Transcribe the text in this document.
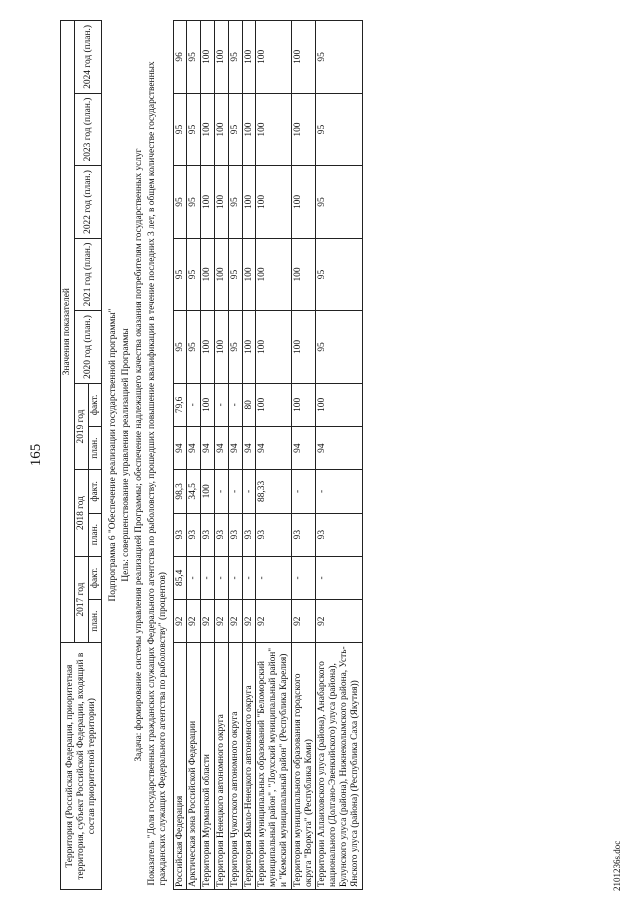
165
Территория (Российская Федерация, приоритетная территория, субъект Российской Федерации, входящий в состав приоритетной территории)	Значения показателей										
	2017 год		2018 год		2019 год		2020 год (план.)	2021 год (план.)	2022 год (план.)	2023 год (план.)	2024 год (план.)
	план.	факт.	план.	факт.	план.	факт.					
Подпрограмма 6 "Обеспечение реализации государственной программы"											
Цель: совершенствование управления реализацией Программы											
Задача: формирование системы управления реализацией Программы; обеспечение надлежащего качества оказания потребителям государственных услуг											
Показатель "Доля государственных гражданских служащих Федерального агентства по рыболовству, прошедших повышение квалификации в течение последних 3 лет, в общем количестве государственных гражданских служащих Федерального агентства по рыболовству" (процентов)											
Российская Федерация	92	85,4	93	98,3	94	79,6	95	95	95	95	96
Арктическая зона Российской Федерации	92	-	93	34,5	94	-	95	95	95	95	95
Территория Мурманской области	92	-	93	100	94	100	100	100	100	100	100
Территория Ненецкого автономного округа	92	-	93	-	94	-	100	100	100	100	100
Территория Чукотского автономного округа	92	-	93	-	94	-	95	95	95	95	95
Территория Ямало-Ненецкого автономного округа	92	-	93	-	94	80	100	100	100	100	100
Территории муниципальных образований "Беломорский муниципальный район", "Лоухский муниципальный район" и "Кемский муниципальный район" (Республика Карелия)	92	-	93	88,33	94	100	100	100	100	100	100
Территория муниципального образования городского округа "Воркута" (Республика Коми)	92	-	93	-	94	100	100	100	100	100	100
Территории Аллаиховского улуса (района), Анабарского национального (Долгано-Эвенкийского) улуса (района), Булунского улуса (района), Нижнеколымского района, Усть-Янского улуса (района) (Республика Саха (Якутия))	92	-	93	-	94	100	95	95	95	95	95
2101236s.doc
